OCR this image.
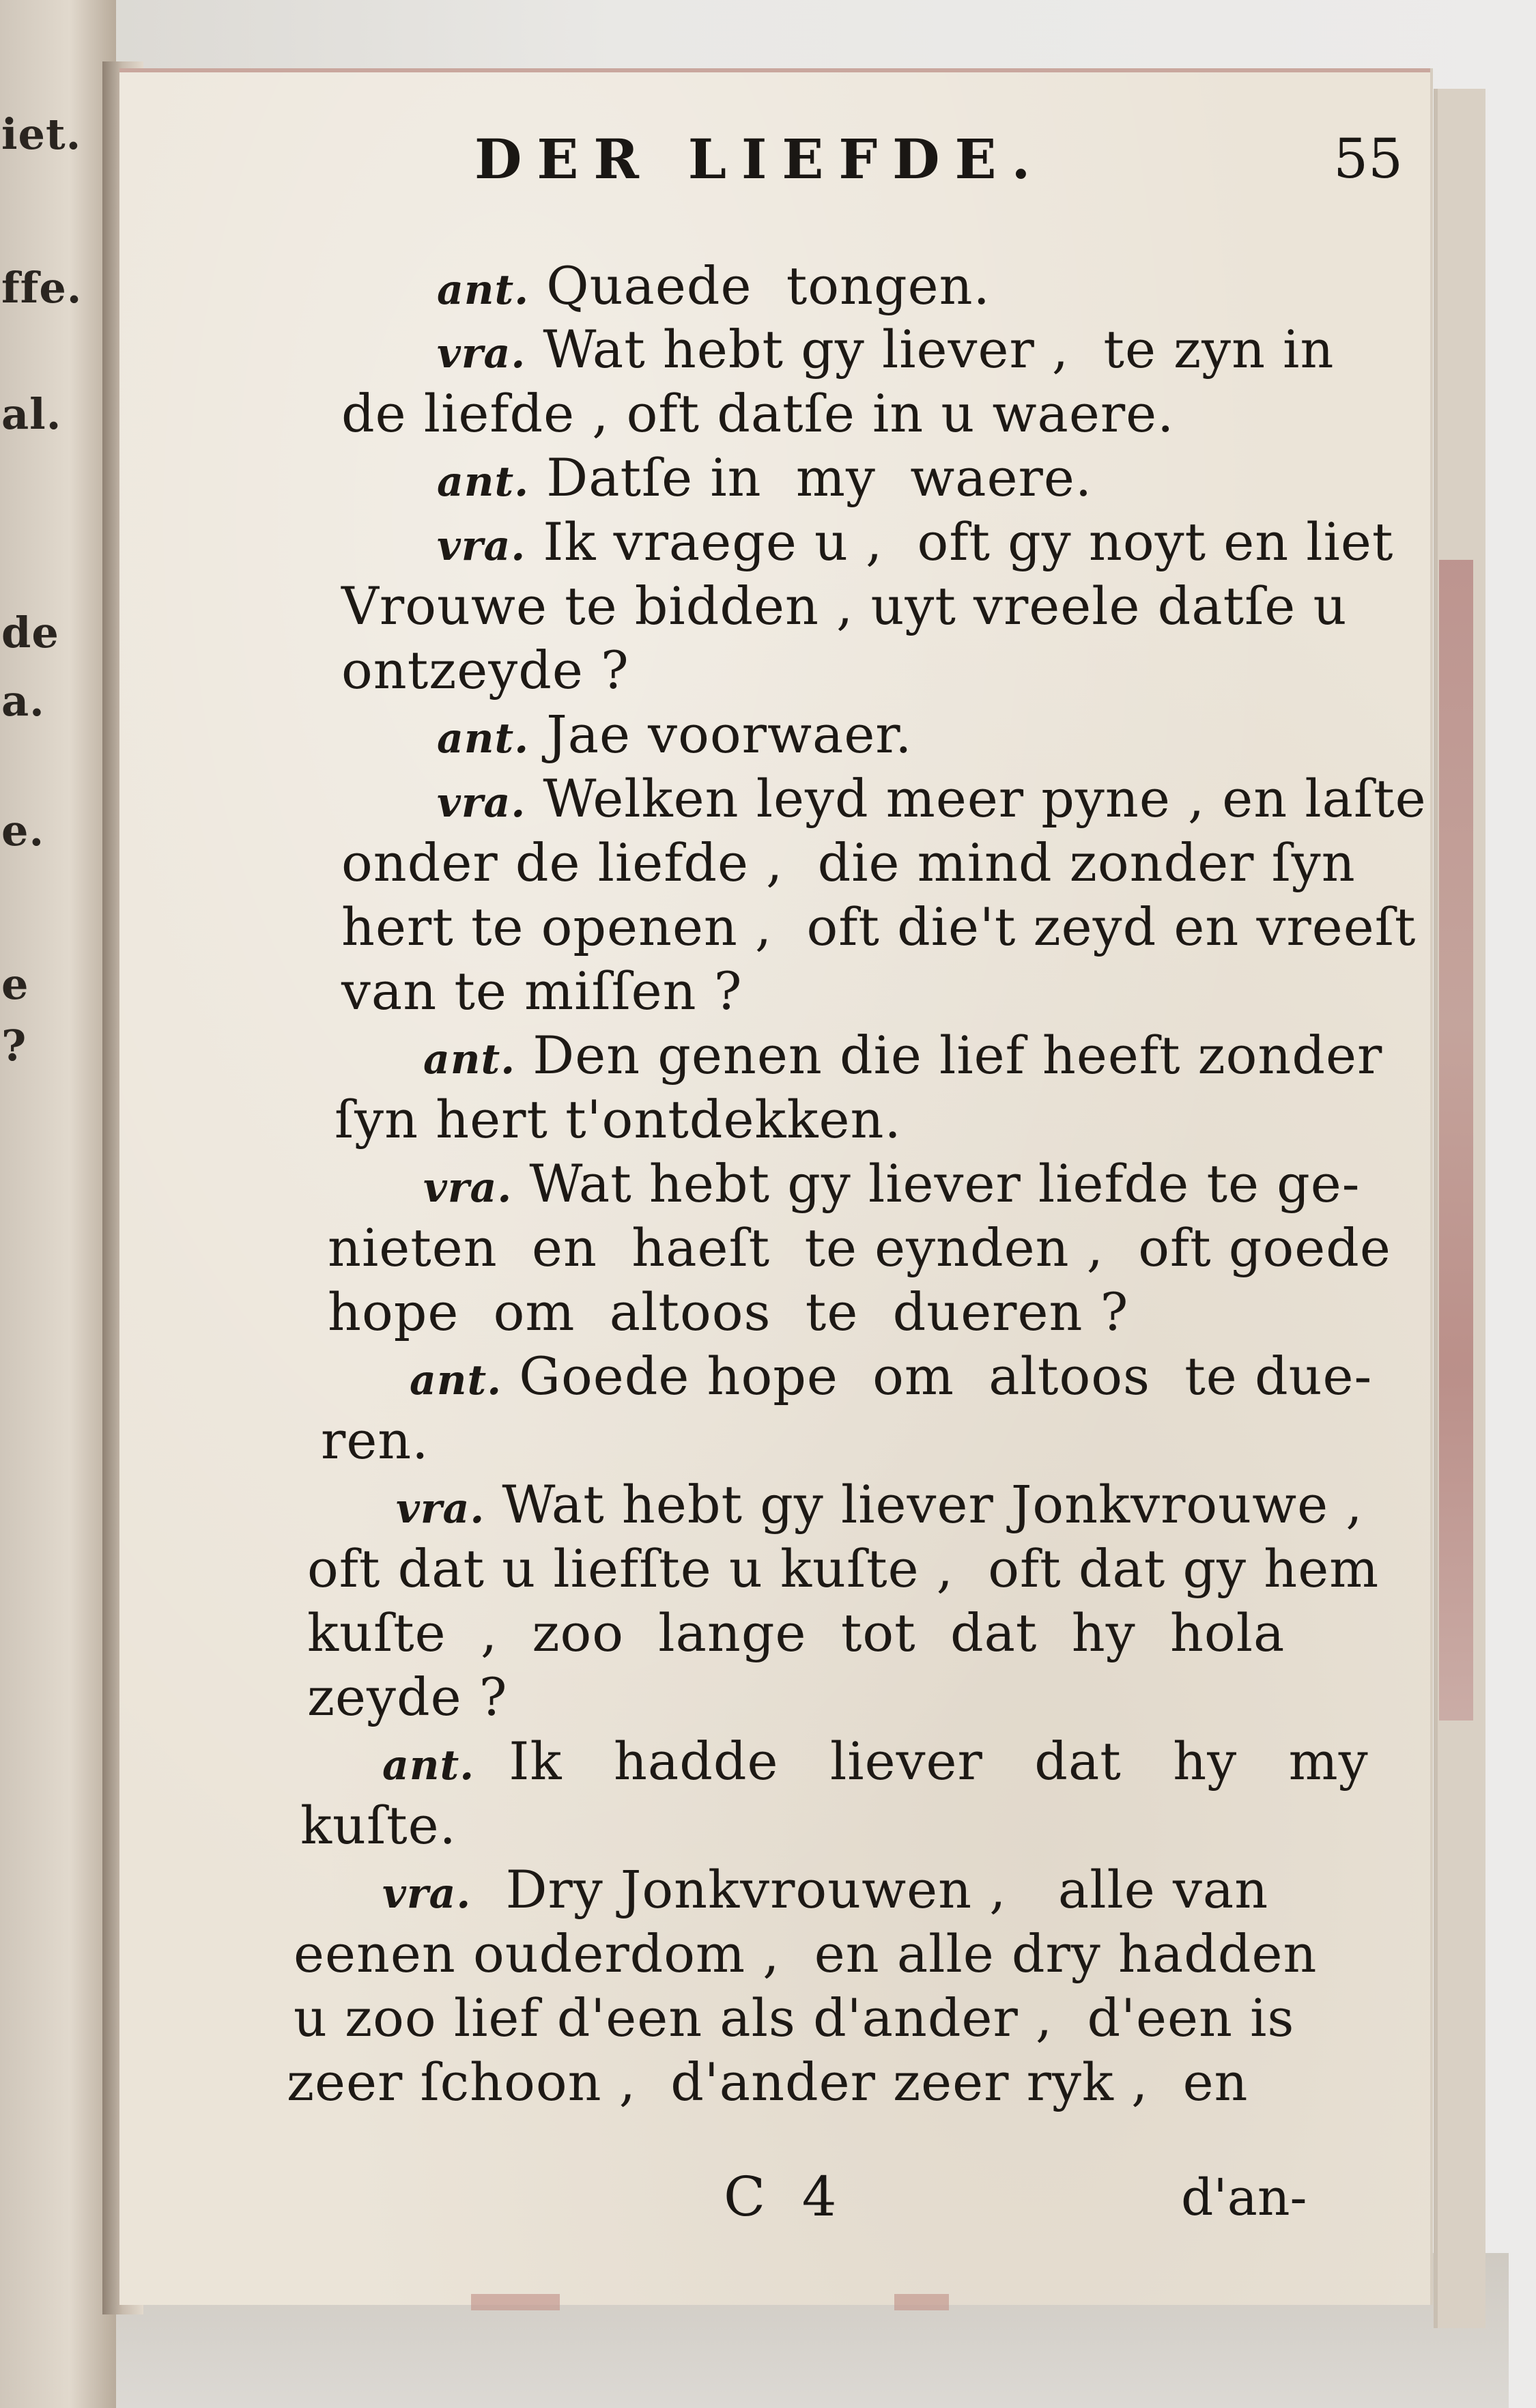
iet.
ffe.
al.
de
a.
e.
e
?
DER LIEFDE.	55
ant. Quaede  tongen.
vra. Wat hebt gy liever ,  te zyn in
de liefde , oft datſe in u waere.
ant. Datſe in  my  waere.
vra. Ik vraege u ,  oft gy noyt en liet
Vrouwe te bidden , uyt vreele datſe u
ontzeyde ?
ant. Jae voorwaer.
vra. Welken leyd meer pyne , en laſte
onder de liefde ,  die mind zonder ſyn
hert te openen ,  oft die't zeyd en vreeſt
van te miſſen ?
ant. Den genen die lief heeft zonder
ſyn hert t'ontdekken.
vra. Wat hebt gy liever liefde te ge-
nieten  en  haeſt  te eynden ,  oft goede
hope  om  altoos  te  dueren ?
ant. Goede hope  om  altoos  te due-
ren.
vra. Wat hebt gy liever Jonkvrouwe ,
oft dat u liefſte u kuſte ,  oft dat gy hem
kuſte  ,  zoo  lange  tot  dat  hy  hola
zeyde ?
ant.  Ik   hadde   liever   dat   hy   my
kuſte.
vra.  Dry Jonkvrouwen ,   alle van
eenen ouderdom ,  en alle dry hadden
u zoo lief d'een als d'ander ,  d'een is
zeer ſchoon ,  d'ander zeer ryk ,  en
C 4	d'an-
